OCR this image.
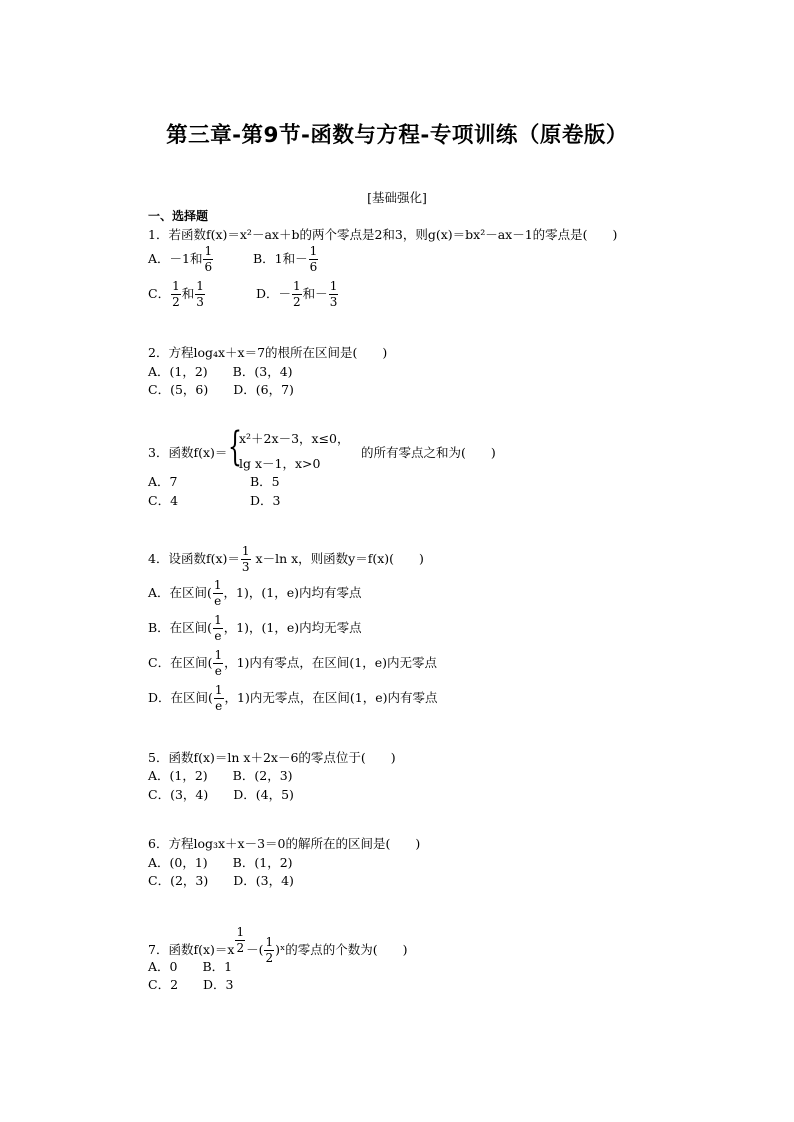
第三章-第9节-函数与方程-专项训练（原卷版）
[基础强化]
一、选择题
1．若函数f(x)＝x²－ax＋b的两个零点是2和3，则g(x)＝bx²－ax－1的零点是(　　)
A．－1和 $\frac{1}{6}$	B．1和－ $\frac{1}{6}$
C． $\frac{1}{2}$ 和 $\frac{1}{3}$	D．－ $\frac{1}{2}$ 和－ $\frac{1}{3}$
2．方程log₄x＋x＝7的根所在区间是(　　)
A．(1，2)　　B．(3，4)
C．(5，6)　　D．(6，7)
3．函数f(x)＝ {
x²＋2x－3，x≤0，
lg x－1，x>0
的所有零点之和为(　　)
A．7	B．5
C．4	D．3
4．设函数$f(x)= \frac{1}{3} x-\ln$ x，则函数y＝f(x)(　　)
A．在区间( $\frac{1}{e}$ ，1)，(1，e)内均有零点
B．在区间( $\frac{1}{e}$ ，1)，(1，e)内均无零点
C．在区间( $\frac{1}{e}$ ，1)内有零点，在区间(1，e)内无零点
D．在区间( $\frac{1}{e}$ ，1)内无零点，在区间(1，e)内有零点
5．函数f(x)＝ln x＋2x－6的零点位于(　　)
A．(1，2)　　B．(2，3)
C．(3，4)　　D．(4，5)
6．方程log₃x＋x－3＝0的解所在的区间是(　　)
A．(0，1)　　B．(1，2)
C．(2，3)　　D．(3，4)
7．函数$f(x)=x \frac{1}{2}$ －( $\frac{1}{2}$ )ˣ的零点的个数为(　　)
A．0　　B．1
C．2　　D．3
